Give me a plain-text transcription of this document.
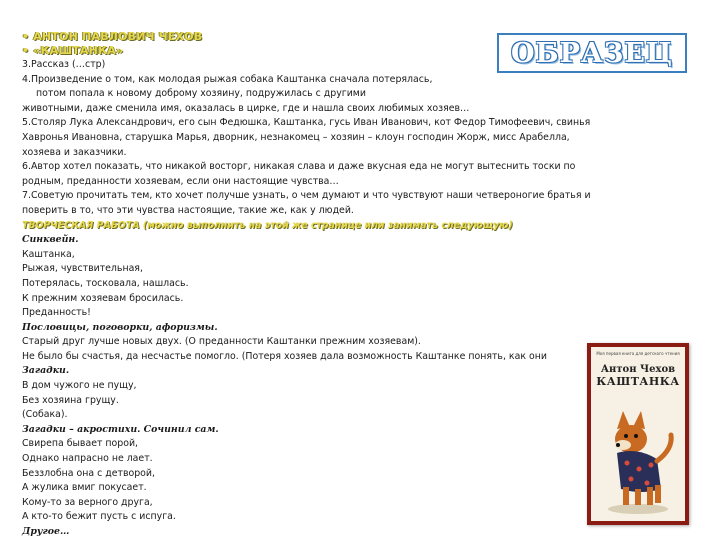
• АНТОН ПАВЛОВИЧ ЧЕХОВ
• «КАШТАНКА»	ОБРАЗЕЦ
3.Рассказ (…стр)
4.Произведение о том, как молодая рыжая собака Каштанка сначала потерялась,
потом попала к новому доброму хозяину, подружилась с другими
животными, даже сменила имя, оказалась в цирке, где и нашла своих любимых хозяев…
5.Столяр Лука Александрович, его сын Федюшка, Каштанка, гусь Иван Иванович, кот Федор Тимофеевич, свинья
Хавронья Ивановна, старушка Марья, дворник, незнакомец – хозяин – клоун господин Жорж, мисс Арабелла,
хозяева и заказчики.
6.Автор хотел показать, что никакой восторг, никакая слава и даже вкусная еда не могут вытеснить тоски по
родным, преданности хозяевам, если они настоящие чувства…
7.Советую прочитать тем, кто хочет получше узнать, о чем думают и что чувствуют наши четвероногие братья и
поверить в то, что эти чувства настоящие, такие же, как у людей.
ТВОРЧЕСКАЯ РАБОТА (можно выполнить на этой же странице или занимать следующую)
Синквейн.
Каштанка,
Рыжая, чувствительная,
Потерялась, тосковала, нашлась.
К прежним хозяевам бросилась.
Преданность!
Пословицы, поговорки, афоризмы.
Старый друг лучше новых двух. (О преданности Каштанки прежним хозяевам).
Не было бы счастья, да несчастье помогло. (Потеря хозяев дала возможность Каштанке понять, как они
Загадки.
В дом чужого не пущу,
Без хозяина грущу.
(Собака).
Загадки – акростихи. Сочинил сам.
Свирепа бывает порой,
Однако напрасно не лает.
Беззлобна она с детворой,
А жулика вмиг покусает.
Кому-то за верного друга,
А кто-то бежит пусть с испуга.
Другое…
Моя первая книга для детского чтения
Антон Чехов
КАШТАНКА
